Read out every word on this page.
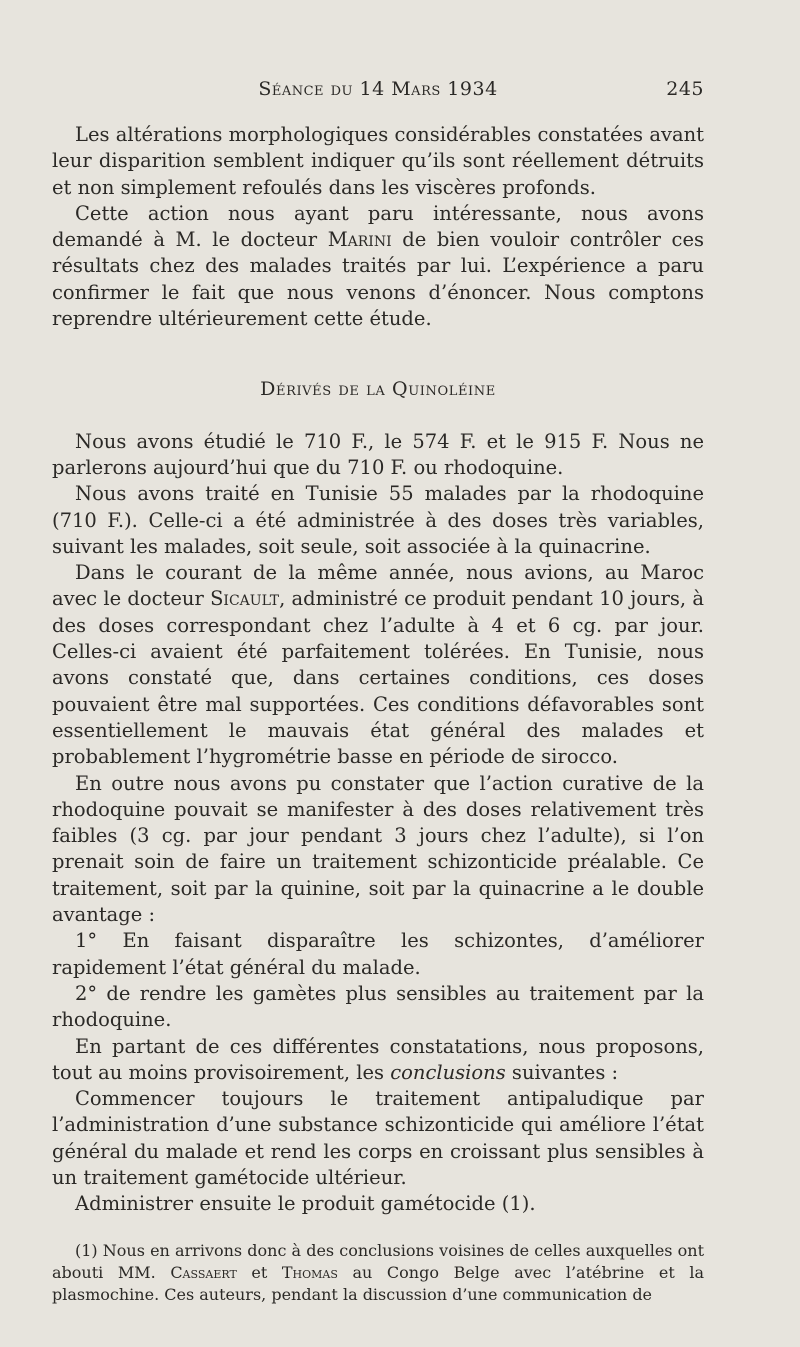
Séance du 14 Mars 1934	245

Les altérations morphologiques considérables constatées avant leur disparition semblent indiquer qu’ils sont réellement détruits et non simplement refoulés dans les viscères profonds.

Cette action nous ayant paru intéressante, nous avons demandé à M. le docteur Marini de bien vouloir contrôler ces résultats chez des malades traités par lui. L’expérience a paru confirmer le fait que nous venons d’énoncer. Nous comptons reprendre ultérieurement cette étude.

Dérivés de la Quinoléine

Nous avons étudié le 710 F., le 574 F. et le 915 F. Nous ne parlerons aujourd’hui que du 710 F. ou rhodoquine.

Nous avons traité en Tunisie 55 malades par la rhodoquine (710 F.). Celle-ci a été administrée à des doses très variables, suivant les malades, soit seule, soit associée à la quinacrine.

Dans le courant de la même année, nous avions, au Maroc avec le docteur Sicault, administré ce produit pendant 10 jours, à des doses correspondant chez l’adulte à 4 et 6 cg. par jour. Celles-ci avaient été parfaitement tolérées. En Tunisie, nous avons constaté que, dans certaines conditions, ces doses pouvaient être mal supportées. Ces conditions défavorables sont essentiellement le mauvais état général des malades et probablement l’hygrométrie basse en période de sirocco.

En outre nous avons pu constater que l’action curative de la rhodoquine pouvait se manifester à des doses relativement très faibles (3 cg. par jour pendant 3 jours chez l’adulte), si l’on prenait soin de faire un traitement schizonticide préalable. Ce traitement, soit par la quinine, soit par la quinacrine a le double avantage :

1° En faisant disparaître les schizontes, d’améliorer rapidement l’état général du malade.

2° de rendre les gamètes plus sensibles au traitement par la rhodoquine.

En partant de ces différentes constatations, nous proposons, tout au moins provisoirement, les conclusions suivantes :

Commencer toujours le traitement antipaludique par l’administration d’une substance schizonticide qui améliore l’état général du malade et rend les corps en croissant plus sensibles à un traitement gamétocide ultérieur.

Administrer ensuite le produit gamétocide (1).

(1) Nous en arrivons donc à des conclusions voisines de celles auxquelles ont abouti MM. Cassaert et Thomas au Congo Belge avec l’atébrine et la plasmochine. Ces auteurs, pendant la discussion d’une communication de
